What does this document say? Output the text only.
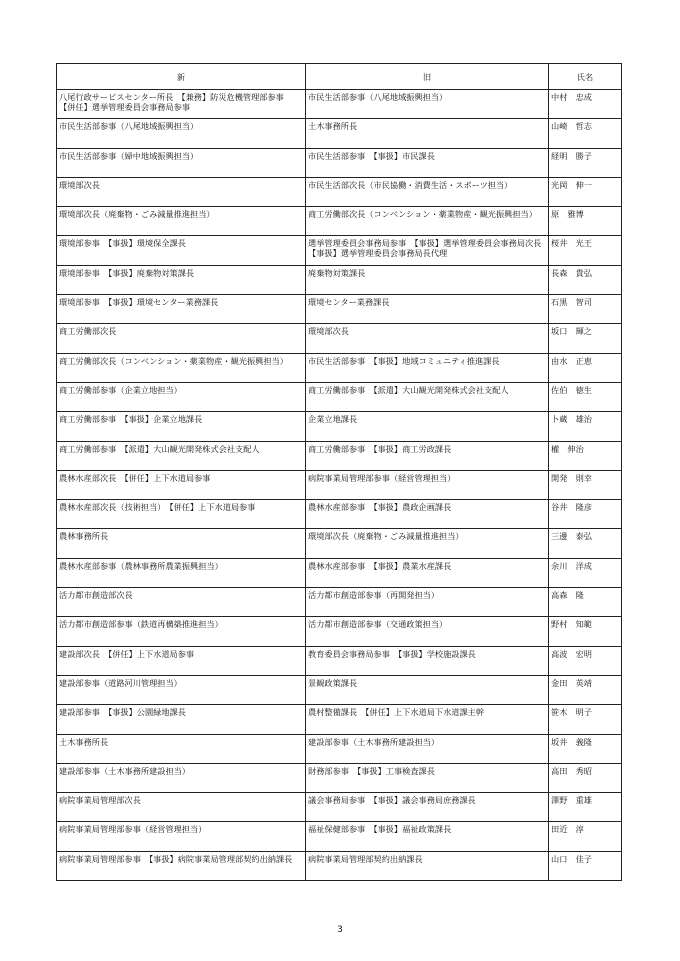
新	旧	氏名
八尾行政サービスセンター所長　【兼務】防災危機管理部参事　【併任】選挙管理委員会事務局参事	市民生活部参事（八尾地域振興担当）	中村　忠成
市民生活部参事（八尾地域振興担当）	土木事務所長	山崎　哲志
市民生活部参事（婦中地域振興担当）	市民生活部参事　【事扱】市民課長	経明　勝子
環境部次長	市民生活部次長（市民協働・消費生活・スポーツ担当）	光岡　伸一
環境部次長（廃棄物・ごみ減量推進担当）	商工労働部次長（コンベンション・薬業物産・観光振興担当）	原　雅博
環境部参事　【事扱】環境保全課長	選挙管理委員会事務局参事　【事扱】選挙管理委員会事務局次長　【事扱】選挙管理委員会事務局長代理	桜井　光王
環境部参事　【事扱】廃棄物対策課長	廃棄物対策課長	長森　貴弘
環境部参事　【事扱】環境センター業務課長	環境センター業務課長	石黒　智司
商工労働部次長	環境部次長	坂口　輝之
商工労働部次長（コンベンション・薬業物産・観光振興担当）	市民生活部参事　【事扱】地域コミュニティ推進課長	由水　正恵
商工労働部参事（企業立地担当）	商工労働部参事　【派遣】大山観光開発株式会社支配人	佐伯　徳生
商工労働部参事　【事扱】企業立地課長	企業立地課長	卜蔵　雄治
商工労働部参事　【派遣】大山観光開発株式会社支配人	商工労働部参事　【事扱】商工労政課長	權　伸治
農林水産部次長　【併任】上下水道局参事	病院事業局管理部参事（経営管理担当）	開発　則幸
農林水産部次長（技術担当）　【併任】上下水道局参事	農林水産部参事　【事扱】農政企画課長	谷井　隆彦
農林事務所長	環境部次長（廃棄物・ごみ減量推進担当）	三邊　泰弘
農林水産部参事（農林事務所農業振興担当）	農林水産部参事　【事扱】農業水産課長	余川　洋成
活力都市創造部次長	活力都市創造部参事（再開発担当）	高森　隆
活力都市創造部参事（鉄道再構築推進担当）	活力都市創造部参事（交通政策担当）	野村　知範
建設部次長　【併任】上下水道局参事	教育委員会事務局参事　【事扱】学校施設課長	高波　宏明
建設部参事（道路河川管理担当）	景観政策課長	金田　英靖
建設部参事　【事扱】公園緑地課長	農村整備課長　【併任】上下水道局下水道課主幹	笹木　明子
土木事務所長	建設部参事（土木事務所建設担当）	坂井　義隆
建設部参事（土木事務所建設担当）	財務部参事　【事扱】工事検査課長	高田　秀昭
病院事業局管理部次長	議会事務局参事　【事扱】議会事務局庶務課長	澤野　重雄
病院事業局管理部参事（経営管理担当）	福祉保健部参事　【事扱】福祉政策課長	田近　淳
病院事業局管理部参事　【事扱】病院事業局管理部契約出納課長	病院事業局管理部契約出納課長	山口　佳子
3
